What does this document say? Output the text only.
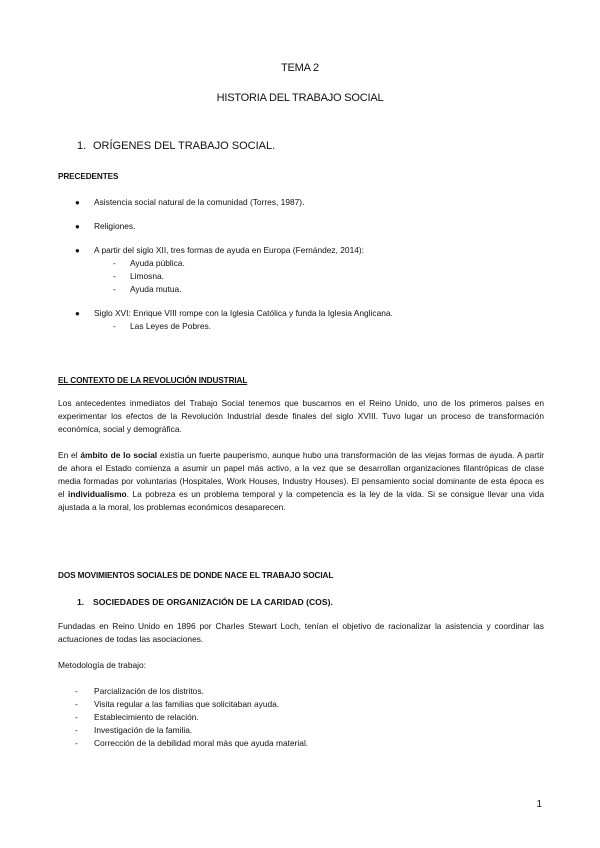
TEMA 2
HISTORIA DEL TRABAJO SOCIAL
1. ORÍGENES DEL TRABAJO SOCIAL.
PRECEDENTES
● Asistencia social natural de la comunidad (Torres, 1987).
● Religiones.
● A partir del siglo XII, tres formas de ayuda en Europa (Fernández, 2014):
- Ayuda pública.
- Limosna.
- Ayuda mutua.
● Siglo XVI: Enrique VIII rompe con la Iglesia Católica y funda la Iglesia Anglicana.
- Las Leyes de Pobres.
EL CONTEXTO DE LA REVOLUCIÓN INDUSTRIAL
Los antecedentes inmediatos del Trabajo Social tenemos que buscarnos en el Reino Unido, uno de los primeros países en experimentar los efectos de la Revolución Industrial desde finales del siglo XVIII. Tuvo lugar un proceso de transformación económica, social y demográfica.
En el ámbito de lo social existía un fuerte pauperismo, aunque hubo una transformación de las viejas formas de ayuda. A partir de ahora el Estado comienza a asumir un papel más activo, a la vez que se desarrollan organizaciones filantrópicas de clase media formadas por voluntarias (Hospitales, Work Houses, Industry Houses). El pensamiento social dominante de esta época es el individualismo. La pobreza es un problema temporal y la competencia es la ley de la vida. Si se consigue llevar una vida ajustada a la moral, los problemas económicos desaparecen.
DOS MOVIMIENTOS SOCIALES DE DONDE NACE EL TRABAJO SOCIAL
1. SOCIEDADES DE ORGANIZACIÓN DE LA CARIDAD (COS).
Fundadas en Reino Unido en 1896 por Charles Stewart Loch, tenían el objetivo de racionalizar la asistencia y coordinar las actuaciones de todas las asociaciones.
Metodología de trabajo:
- Parcialización de los distritos.
- Visita regular a las familias que solicitaban ayuda.
- Establecimiento de relación.
- Investigación de la familia.
- Corrección de la debilidad moral más que ayuda material.
1
